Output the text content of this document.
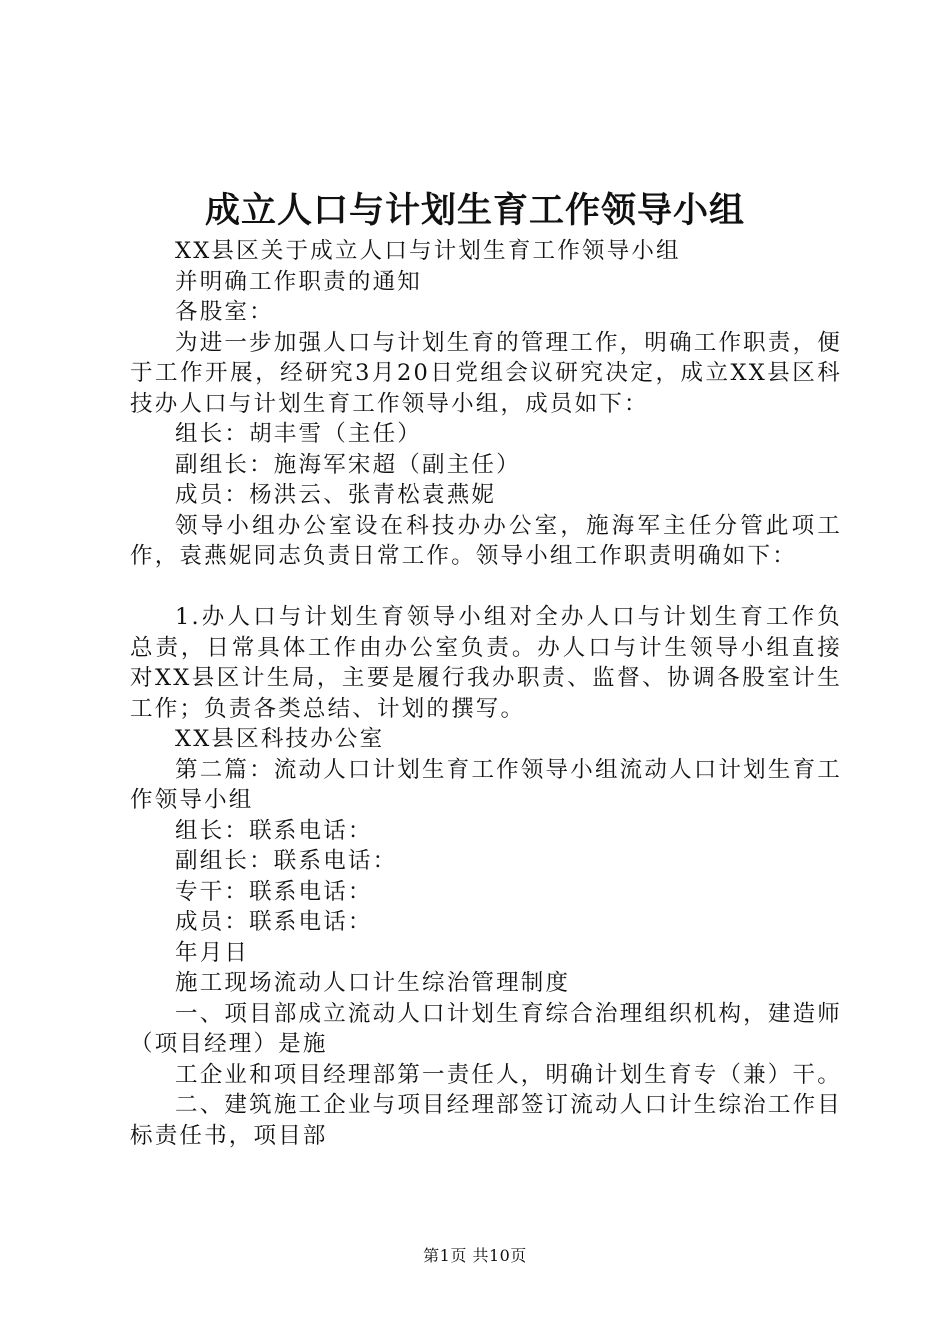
成立人口与计划生育工作领导小组

XX县区关于成立人口与计划生育工作领导小组

并明确工作职责的通知

各股室：

为进一步加强人口与计划生育的管理工作，明确工作职责，便于工作开展，经研究3月20日党组会议研究决定，成立XX县区科技办人口与计划生育工作领导小组，成员如下：

组长：胡丰雪（主任）

副组长：施海军宋超（副主任）

成员：杨洪云、张青松袁燕妮

领导小组办公室设在科技办办公室，施海军主任分管此项工作，袁燕妮同志负责日常工作。领导小组工作职责明确如下：

1.办人口与计划生育领导小组对全办人口与计划生育工作负总责，日常具体工作由办公室负责。办人口与计生领导小组直接对XX县区计生局，主要是履行我办职责、监督、协调各股室计生工作；负责各类总结、计划的撰写。

XX县区科技办公室

第二篇：流动人口计划生育工作领导小组流动人口计划生育工作领导小组

组长：联系电话：

副组长：联系电话：

专干：联系电话：

成员：联系电话：

年月日

施工现场流动人口计生综治管理制度

一、项目部成立流动人口计划生育综合治理组织机构，建造师（项目经理）是施

工企业和项目经理部第一责任人，明确计划生育专（兼）干。

二、建筑施工企业与项目经理部签订流动人口计生综治工作目标责任书，项目部

第1页 共10页
